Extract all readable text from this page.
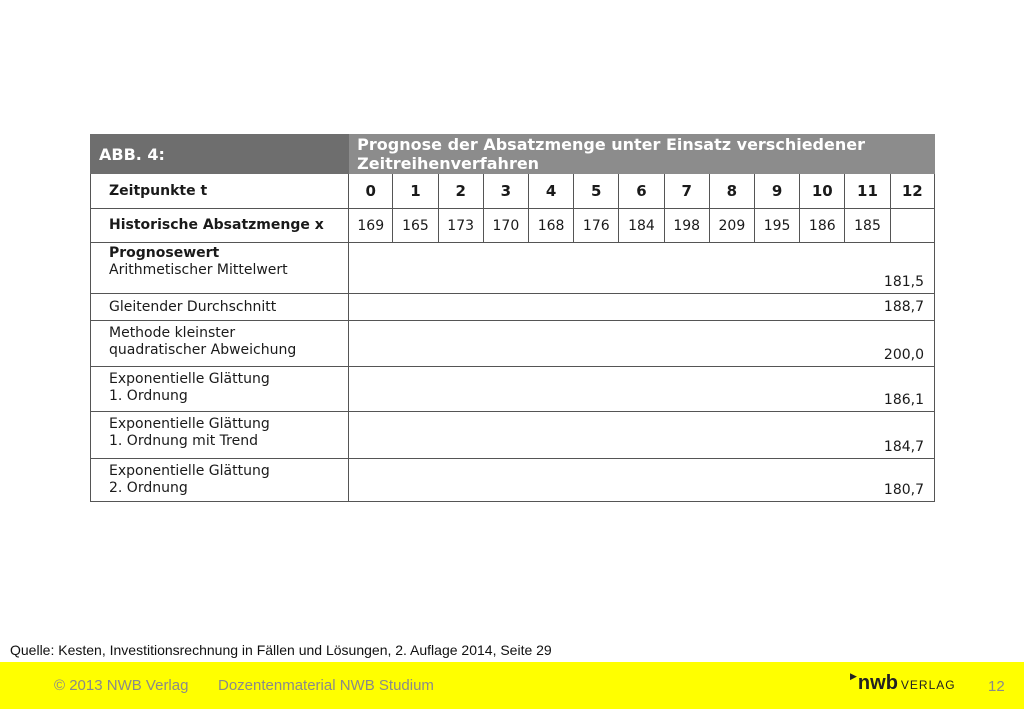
ABB. 4:	Prognose der Absatzmenge unter Einsatz verschiedener Zeitreihenverfahren												
Zeitpunkte t	0	1	2	3	4	5	6	7	8	9	10	11	12
Historische Absatzmenge x	169	165	173	170	168	176	184	198	209	195	186	185	

Prognosewert
Arithmetischer Mittelwert	181,5												

Gleitender Durchschnitt	188,7												

Methode kleinster
quadratischer Abweichung	200,0												

Exponentielle Glättung
1. Ordnung	186,1												

Exponentielle Glättung
1. Ordnung mit Trend	184,7												

Exponentielle Glättung
2. Ordnung	180,7												
Quelle: Kesten, Investitionsrechnung in Fällen und Lösungen, 2. Auflage 2014, Seite 29
© 2013 NWB Verlag Dozentenmaterial NWB Studium
▶nwb VERLAG 12
